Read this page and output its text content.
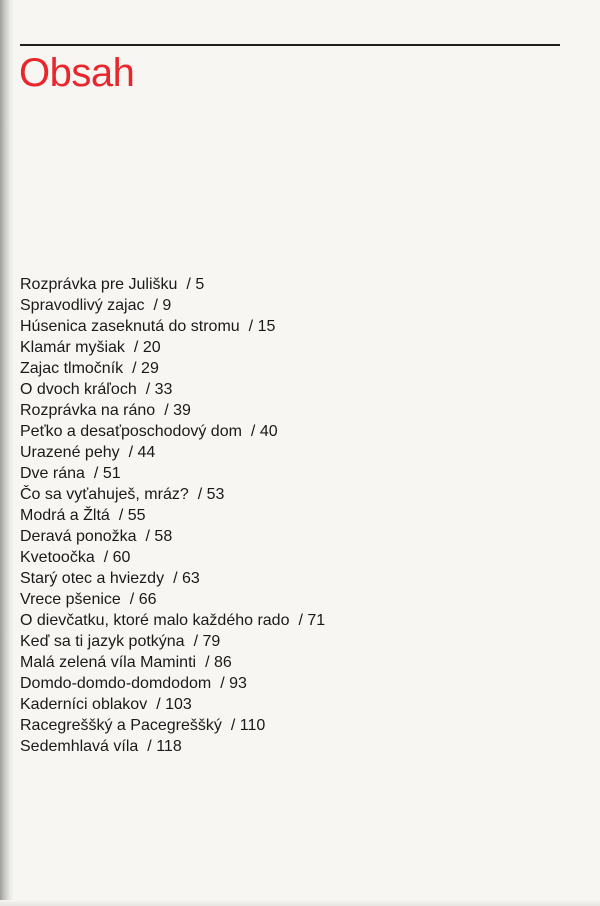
Obsah
Rozprávka pre Julišku / 5
Spravodlivý zajac / 9
Húsenica zaseknutá do stromu / 15
Klamár myšiak / 20
Zajac tlmočník / 29
O dvoch kráľoch / 33
Rozprávka na ráno / 39
Peťko a desaťposchodový dom / 40
Urazené pehy / 44
Dve rána / 51
Čo sa vyťahuješ, mráz? / 53
Modrá a Žltá / 55
Deravá ponožka / 58
Kvetoočka / 60
Starý otec a hviezdy / 63
Vrece pšenice / 66
O dievčatku, ktoré malo každého rado / 71
Keď sa ti jazyk potkýna / 79
Malá zelená víla Maminti / 86
Domdo-domdo-domdodom / 93
Kaderníci oblakov / 103
Racegreššký a Pacegreššký / 110
Sedemhlavá víla / 118
